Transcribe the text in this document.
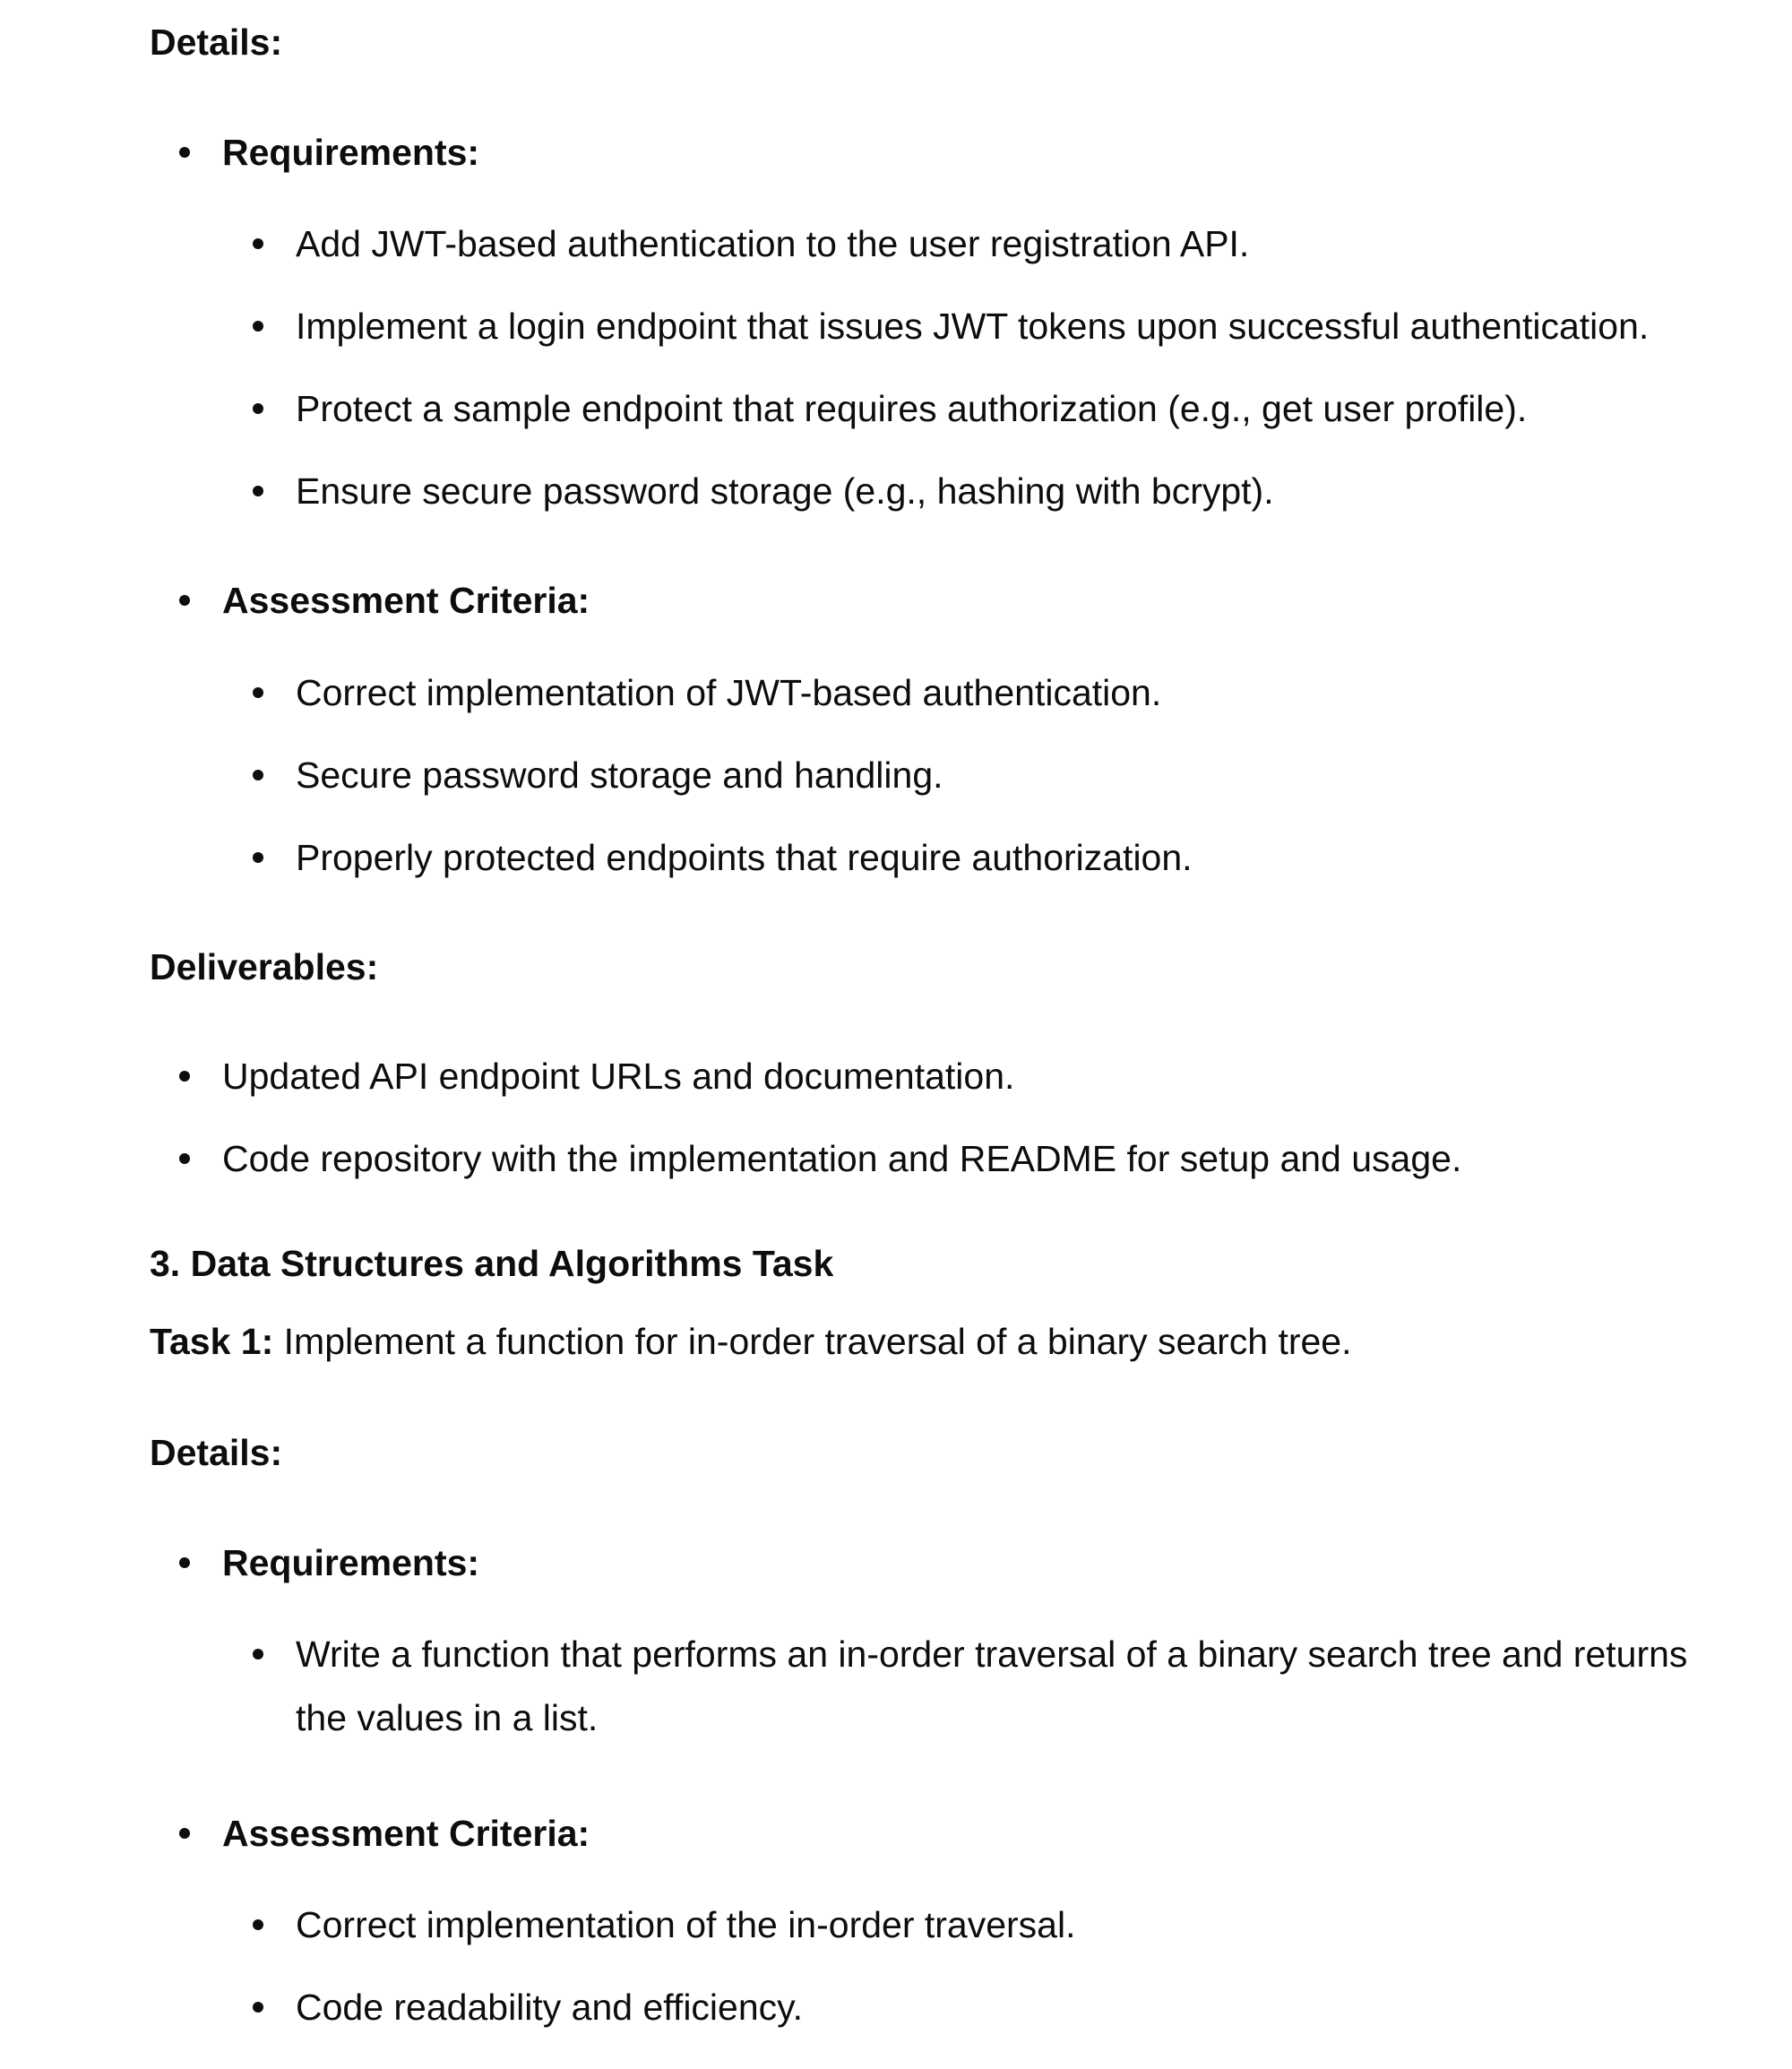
Details:
Requirements:
Add JWT-based authentication to the user registration API.
Implement a login endpoint that issues JWT tokens upon successful authentication.
Protect a sample endpoint that requires authorization (e.g., get user profile).
Ensure secure password storage (e.g., hashing with bcrypt).
Assessment Criteria:
Correct implementation of JWT-based authentication.
Secure password storage and handling.
Properly protected endpoints that require authorization.
Deliverables:
Updated API endpoint URLs and documentation.
Code repository with the implementation and README for setup and usage.
3. Data Structures and Algorithms Task
Task 1: Implement a function for in-order traversal of a binary search tree.
Details:
Requirements:
Write a function that performs an in-order traversal of a binary search tree and returns
the values in a list.
Assessment Criteria:
Correct implementation of the in-order traversal.
Code readability and efficiency.
